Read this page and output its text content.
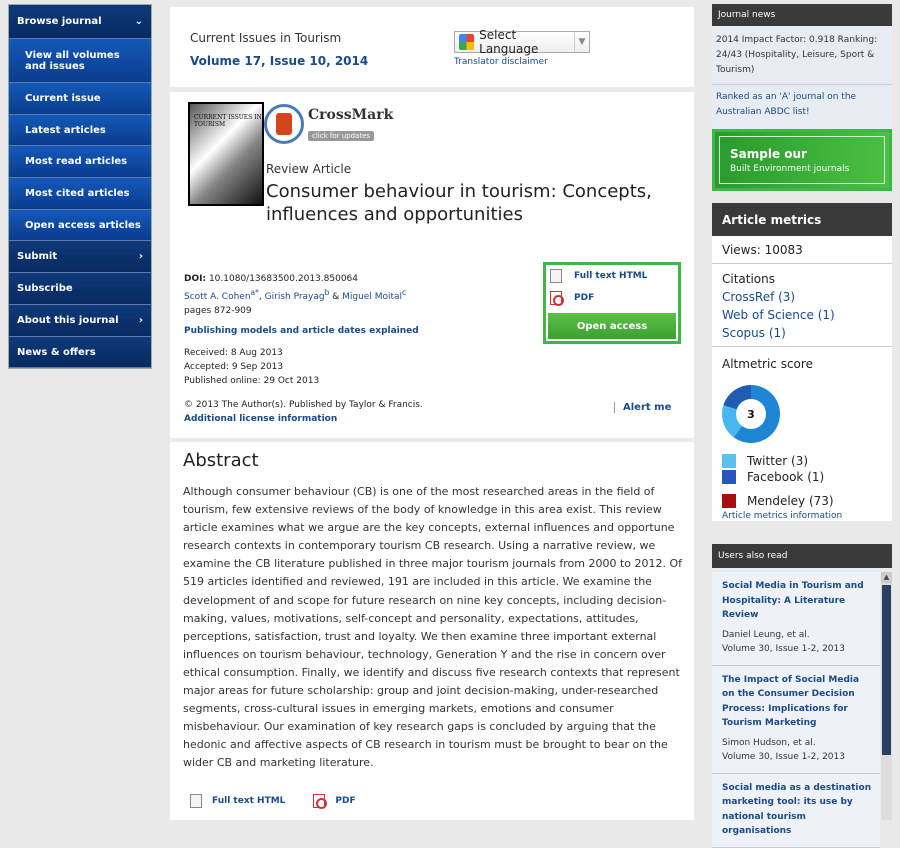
Browse journal	⌄
View all volumes and issues
Current issue
Latest articles
Most read articles
Most cited articles
Open access articles
Submit	›
Subscribe
About this journal ›
News & offers
Current Issues in Tourism
Volume 17, Issue 10, 2014
Select Language	▼
Translator disclaimer
CURRENT ISSUES IN TOURISM
CrossMark
click for updates
Review Article
Consumer behaviour in tourism: Concepts, influences and opportunities
DOI: 10.1080/13683500.2013.850064
Scott A. Cohen$^{a*}$, Girish Prayag$^b$ & Miguel Moital$^c$
pages 872-909
Publishing models and article dates explained
Received: 8 Aug 2013
Accepted: 9 Sep 2013
Published online: 29 Oct 2013
© 2013 The Author(s). Published by Taylor & Francis.
Additional license information
Alert me
Full text HTML
PDF
Open access
Abstract
Although consumer behaviour (CB) is one of the most researched areas in the field of tourism, few extensive reviews of the body of knowledge in this area exist. This review article examines what we argue are the key concepts, external influences and opportune research contexts in contemporary tourism CB research. Using a narrative review, we examine the CB literature published in three major tourism journals from 2000 to 2012. Of 519 articles identified and reviewed, 191 are included in this article. We examine the development of and scope for future research on nine key concepts, including decision-making, values, motivations, self-concept and personality, expectations, attitudes, perceptions, satisfaction, trust and loyalty. We then examine three important external influences on tourism behaviour, technology, Generation Y and the rise in concern over ethical consumption. Finally, we identify and discuss five research contexts that represent major areas for future scholarship: group and joint decision-making, under-researched segments, cross-cultural issues in emerging markets, emotions and consumer misbehaviour. Our examination of key research gaps is concluded by arguing that the hedonic and affective aspects of CB research in tourism must be brought to bear on the wider CB and marketing literature.
Full text HTML	PDF
Journal news
2014 Impact Factor: 0.918 Ranking: 24/43 (Hospitality, Leisure, Sport & Tourism)
Ranked as an 'A' journal on the Australian ABDC list!
Sample our
Built Environment journals
Article metrics
Views: 10083
Citations
CrossRef (3)
Web of Science (1)
Scopus (1)
Altmetric score
3
Twitter (3)
Facebook (1)
Mendeley (73)
Article metrics information
Users also read
Social Media in Tourism and Hospitality: A Literature Review
Daniel Leung, et al.
Volume 30, Issue 1-2, 2013
The Impact of Social Media on the Consumer Decision Process: Implications for Tourism Marketing
Simon Hudson, et al.
Volume 30, Issue 1-2, 2013
Social media as a destination marketing tool: its use by national tourism organisations
▲
